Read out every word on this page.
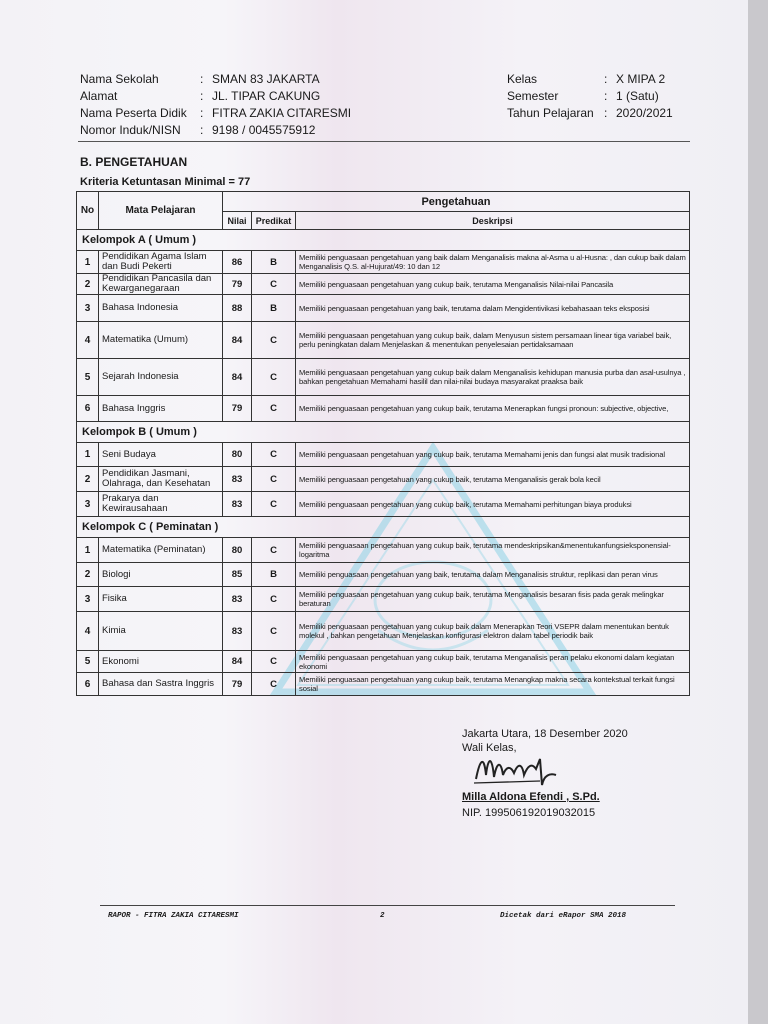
Nama Sekolah	: SMAN 83 JAKARTA
Alamat	: JL. TIPAR CAKUNG
Nama Peserta Didik	: FITRA ZAKIA CITARESMI
Nomor Induk/NISN	: 9198 / 0045575912
Kelas	: X MIPA 2
Semester	: 1 (Satu)
Tahun Pelajaran : 2020/2021
B. PENGETAHUAN
Kriteria Ketuntasan Minimal = 77
No	Mata Pelajaran	Pengetahuan		
		Nilai	Predikat	Deskripsi
Kelompok A ( Umum )				
1	Pendidikan Agama Islam dan Budi Pekerti	86	B	Memiliki penguasaan pengetahuan yang baik dalam Menganalisis makna al-Asma u al-Husna: , dan cukup baik dalam Menganalisis Q.S. al-Hujurat/49: 10 dan 12
2	Pendidikan Pancasila dan Kewarganegaraan	79	C	Memiliki penguasaan pengetahuan yang cukup baik, terutama Menganalisis Nilai-nilai Pancasila
3	Bahasa Indonesia	88	B	Memiliki penguasaan pengetahuan yang baik, terutama dalam Mengidentivikasi kebahasaan teks eksposisi
4	Matematika (Umum)	84	C	Memiliki penguasaan pengetahuan yang cukup baik, dalam Menyusun sistem persamaan linear tiga variabel baik, perlu peningkatan dalam Menjelaskan & menentukan penyelesaian pertidaksamaan
5	Sejarah Indonesia	84	C	Memiliki penguasaan pengetahuan yang cukup baik dalam Menganalisis kehidupan manusia purba dan asal-usulnya , bahkan pengetahuan Memahami hasilil dan nilai-nilai budaya masyarakat praaksa baik
6	Bahasa Inggris	79	C	Memiliki penguasaan pengetahuan yang cukup baik, terutama Menerapkan fungsi pronoun: subjective, objective,
Kelompok B ( Umum )				
1	Seni Budaya	80	C	Memiliki penguasaan pengetahuan yang cukup baik, terutama Memahami jenis dan fungsi alat musik tradisional
2	Pendidikan Jasmani, Olahraga, dan Kesehatan	83	C	Memiliki penguasaan pengetahuan yang cukup baik, terutama Menganalisis gerak bola kecil
3	Prakarya dan Kewirausahaan	83	C	Memiliki penguasaan pengetahuan yang cukup baik, terutama Memahami perhitungan biaya produksi
Kelompok C ( Peminatan )				
1	Matematika (Peminatan)	80	C	Memiliki penguasaan pengetahuan yang cukup baik, terutama mendeskripsikan&menentukanfungsieksponensial- logaritma
2	Biologi	85	B	Memiliki penguasaan pengetahuan yang baik, terutama dalam Menganalisis struktur, replikasi dan peran virus
3	Fisika	83	C	Memiliki penguasaan pengetahuan yang cukup baik, terutama Menganalisis besaran fisis pada gerak melingkar beraturan
4	Kimia	83	C	Memiliki penguasaan pengetahuan yang cukup baik dalam Menerapkan Teori VSEPR dalam menentukan bentuk molekul , bahkan pengetahuan Menjelaskan konfigurasi elektron dalam tabel periodik baik
5	Ekonomi	84	C	Memiliki penguasaan pengetahuan yang cukup baik, terutama Menganalisis peran pelaku ekonomi dalam kegiatan ekonomi
6	Bahasa dan Sastra Inggris	79	C	Memiliki penguasaan pengetahuan yang cukup baik, terutama Menangkap makna secara kontekstual terkait fungsi sosial
Jakarta Utara, 18 Desember 2020
Wali Kelas,
Milla Aldona Efendi , S.Pd.
NIP. 199506192019032015
RAPOR - FITRA ZAKIA CITARESMI	2	Dicetak dari eRapor SMA 2018
